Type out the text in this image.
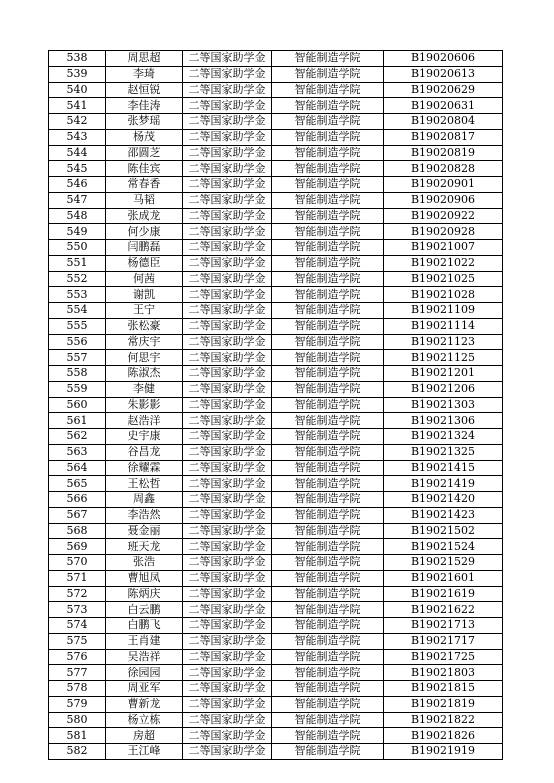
538	周思超	二等国家助学金	智能制造学院	B19020606
539	李琦	二等国家助学金	智能制造学院	B19020613
540	赵恒锐	二等国家助学金	智能制造学院	B19020629
541	李佳涛	二等国家助学金	智能制造学院	B19020631
542	张梦瑶	二等国家助学金	智能制造学院	B19020804
543	杨茂	二等国家助学金	智能制造学院	B19020817
544	邵圆芝	二等国家助学金	智能制造学院	B19020819
545	陈佳宾	二等国家助学金	智能制造学院	B19020828
546	常春香	二等国家助学金	智能制造学院	B19020901
547	马韬	二等国家助学金	智能制造学院	B19020906
548	张成龙	二等国家助学金	智能制造学院	B19020922
549	何少康	二等国家助学金	智能制造学院	B19020928
550	闫鹏磊	二等国家助学金	智能制造学院	B19021007
551	杨德臣	二等国家助学金	智能制造学院	B19021022
552	何茜	二等国家助学金	智能制造学院	B19021025
553	谢凯	二等国家助学金	智能制造学院	B19021028
554	王宁	二等国家助学金	智能制造学院	B19021109
555	张松豪	二等国家助学金	智能制造学院	B19021114
556	常庆宇	二等国家助学金	智能制造学院	B19021123
557	何思宇	二等国家助学金	智能制造学院	B19021125
558	陈淑杰	二等国家助学金	智能制造学院	B19021201
559	李健	二等国家助学金	智能制造学院	B19021206
560	朱影影	二等国家助学金	智能制造学院	B19021303
561	赵浩洋	二等国家助学金	智能制造学院	B19021306
562	史宇康	二等国家助学金	智能制造学院	B19021324
563	谷昌龙	二等国家助学金	智能制造学院	B19021325
564	徐耀霖	二等国家助学金	智能制造学院	B19021415
565	王松哲	二等国家助学金	智能制造学院	B19021419
566	周鑫	二等国家助学金	智能制造学院	B19021420
567	李浩然	二等国家助学金	智能制造学院	B19021423
568	聂金丽	二等国家助学金	智能制造学院	B19021502
569	班天龙	二等国家助学金	智能制造学院	B19021524
570	张浩	二等国家助学金	智能制造学院	B19021529
571	曹旭凤	二等国家助学金	智能制造学院	B19021601
572	陈炳庆	二等国家助学金	智能制造学院	B19021619
573	白云鹏	二等国家助学金	智能制造学院	B19021622
574	白鹏飞	二等国家助学金	智能制造学院	B19021713
575	王肖建	二等国家助学金	智能制造学院	B19021717
576	吴浩祥	二等国家助学金	智能制造学院	B19021725
577	徐园园	二等国家助学金	智能制造学院	B19021803
578	周亚军	二等国家助学金	智能制造学院	B19021815
579	曹新龙	二等国家助学金	智能制造学院	B19021819
580	杨立栋	二等国家助学金	智能制造学院	B19021822
581	房超	二等国家助学金	智能制造学院	B19021826
582	王江峰	二等国家助学金	智能制造学院	B19021919
